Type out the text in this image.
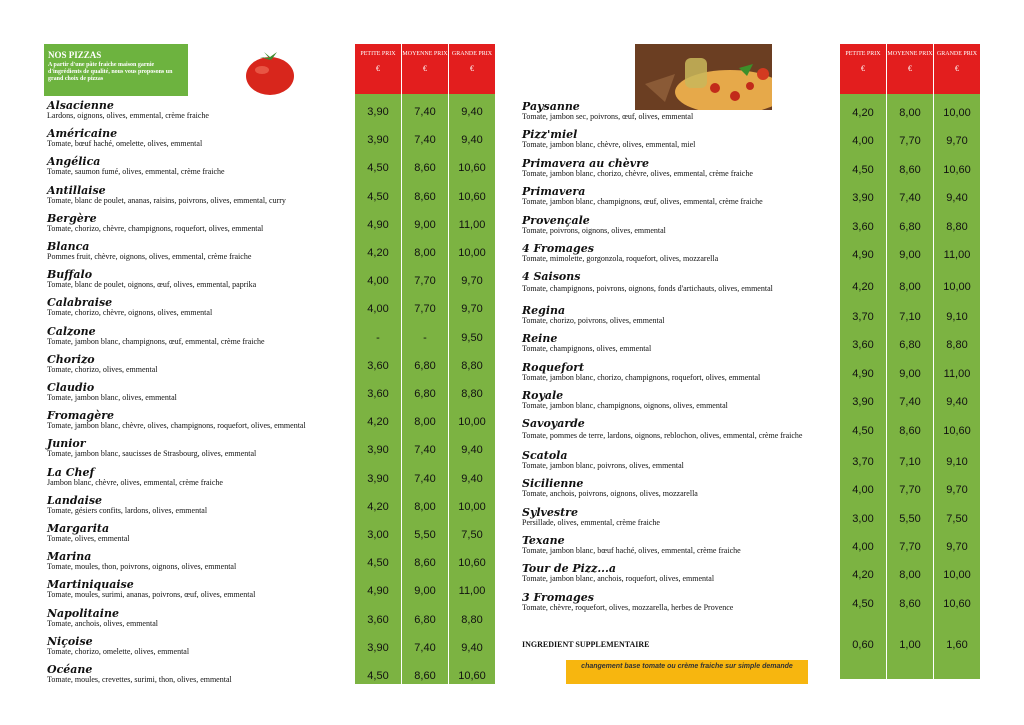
NOS PIZZAS
A partir d'une pâte fraiche maison garnie d'ingrédients de qualité, nous vous proposons un grand choix de pizzas
PETITE PRIX
€
MOYENNE PRIX
€
GRANDE PRIX
€
PETITE PRIX
€
MOYENNE PRIX
€
GRANDE PRIX
€
Alsacienne
Lardons, oignons, olives, emmental, crème fraiche	3,90	7,40	9,40
Américaine
Tomate, bœuf haché, omelette, olives, emmental	3,90	7,40	9,40
Angélica
Tomate, saumon fumé, olives, emmental, crème fraiche	4,50	8,60	10,60
Antillaise
Tomate, blanc de poulet, ananas, raisins, poivrons, olives, emmental, curry	4,50	8,60	10,60
Bergère
Tomate, chorizo, chèvre, champignons, roquefort, olives, emmental	4,90	9,00	11,00
Blanca
Pommes fruit, chèvre, oignons, olives, emmental, crème fraiche	4,20	8,00	10,00
Buffalo
Tomate, blanc de poulet, oignons, œuf, olives, emmental, paprika	4,00	7,70	9,70
Calabraise
Tomate, chorizo, chèvre, oignons, olives, emmental	4,00	7,70	9,70
Calzone
Tomate, jambon blanc, champignons, œuf, emmental, crème fraiche	-	-	9,50
Chorizo
Tomate, chorizo, olives, emmental	3,60	6,80	8,80
Claudio
Tomate, jambon blanc, olives, emmental	3,60	6,80	8,80
Fromagère
Tomate, jambon blanc, chèvre, olives, champignons, roquefort, olives, emmental	4,20	8,00	10,00
Junior
Tomate, jambon blanc, saucisses de Strasbourg, olives, emmental	3,90	7,40	9,40
La Chef
Jambon blanc, chèvre, olives, emmental, crème fraiche	3,90	7,40	9,40
Landaise
Tomate, gésiers confits, lardons, olives, emmental	4,20	8,00	10,00
Margarita
Tomate, olives, emmental	3,00	5,50	7,50
Marina
Tomate, moules, thon, poivrons, oignons, olives, emmental	4,50	8,60	10,60
Martiniquaise
Tomate, moules, surimi, ananas, poivrons, œuf, olives, emmental	4,90	9,00	11,00
Napolitaine
Tomate, anchois, olives, emmental	3,60	6,80	8,80
Niçoise
Tomate, chorizo, omelette, olives, emmental	3,90	7,40	9,40
Océane
Tomate, moules, crevettes, surimi, thon, olives, emmental	4,50	8,60	10,60
Paysanne
Tomate, jambon sec, poivrons, œuf, olives, emmental	4,20	8,00	10,00
Pizz'miel
Tomate, jambon blanc, chèvre, olives, emmental, miel	4,00	7,70	9,70
Primavera au chèvre
Tomate, jambon blanc, chorizo, chèvre, olives, emmental, crème fraiche	4,50	8,60	10,60
Primavera
Tomate, jambon blanc, champignons, œuf, olives, emmental, crème fraiche	3,90	7,40	9,40
Provençale
Tomate, poivrons, oignons, olives, emmental	3,60	6,80	8,80
4 Fromages
Tomate, mimolette, gorgonzola, roquefort, olives, mozzarella	4,90	9,00	11,00
4 Saisons
Tomate, champignons, poivrons, oignons, fonds d'artichauts, olives, emmental	4,20	8,00	10,00
Regina
Tomate, chorizo, poivrons, olives, emmental	3,70	7,10	9,10
Reine
Tomate, champignons, olives, emmental	3,60	6,80	8,80
Roquefort
Tomate, jambon blanc, chorizo, champignons, roquefort, olives, emmental	4,90	9,00	11,00
Royale
Tomate, jambon blanc, champignons, oignons, olives, emmental	3,90	7,40	9,40
Savoyarde
Tomate, pommes de terre, lardons, oignons, reblochon, olives, emmental, crème fraiche	4,50	8,60	10,60
Scatola
Tomate, jambon blanc, poivrons, olives, emmental	3,70	7,10	9,10
Sicilienne
Tomate, anchois, poivrons, oignons, olives, mozzarella	4,00	7,70	9,70
Sylvestre
Persillade, olives, emmental, crème fraiche	3,00	5,50	7,50
Texane
Tomate, jambon blanc, bœuf haché, olives, emmental, crème fraiche	4,00	7,70	9,70
Tour de Pizz...a
Tomate, jambon blanc, anchois, roquefort, olives, emmental	4,20	8,00	10,00
3 Fromages
Tomate, chèvre, roquefort, olives, mozzarella, herbes de Provence	4,50	8,60	10,60
INGREDIENT SUPPLEMENTAIRE	0,60	1,00	1,60
changement base tomate ou crème fraiche sur simple demande
